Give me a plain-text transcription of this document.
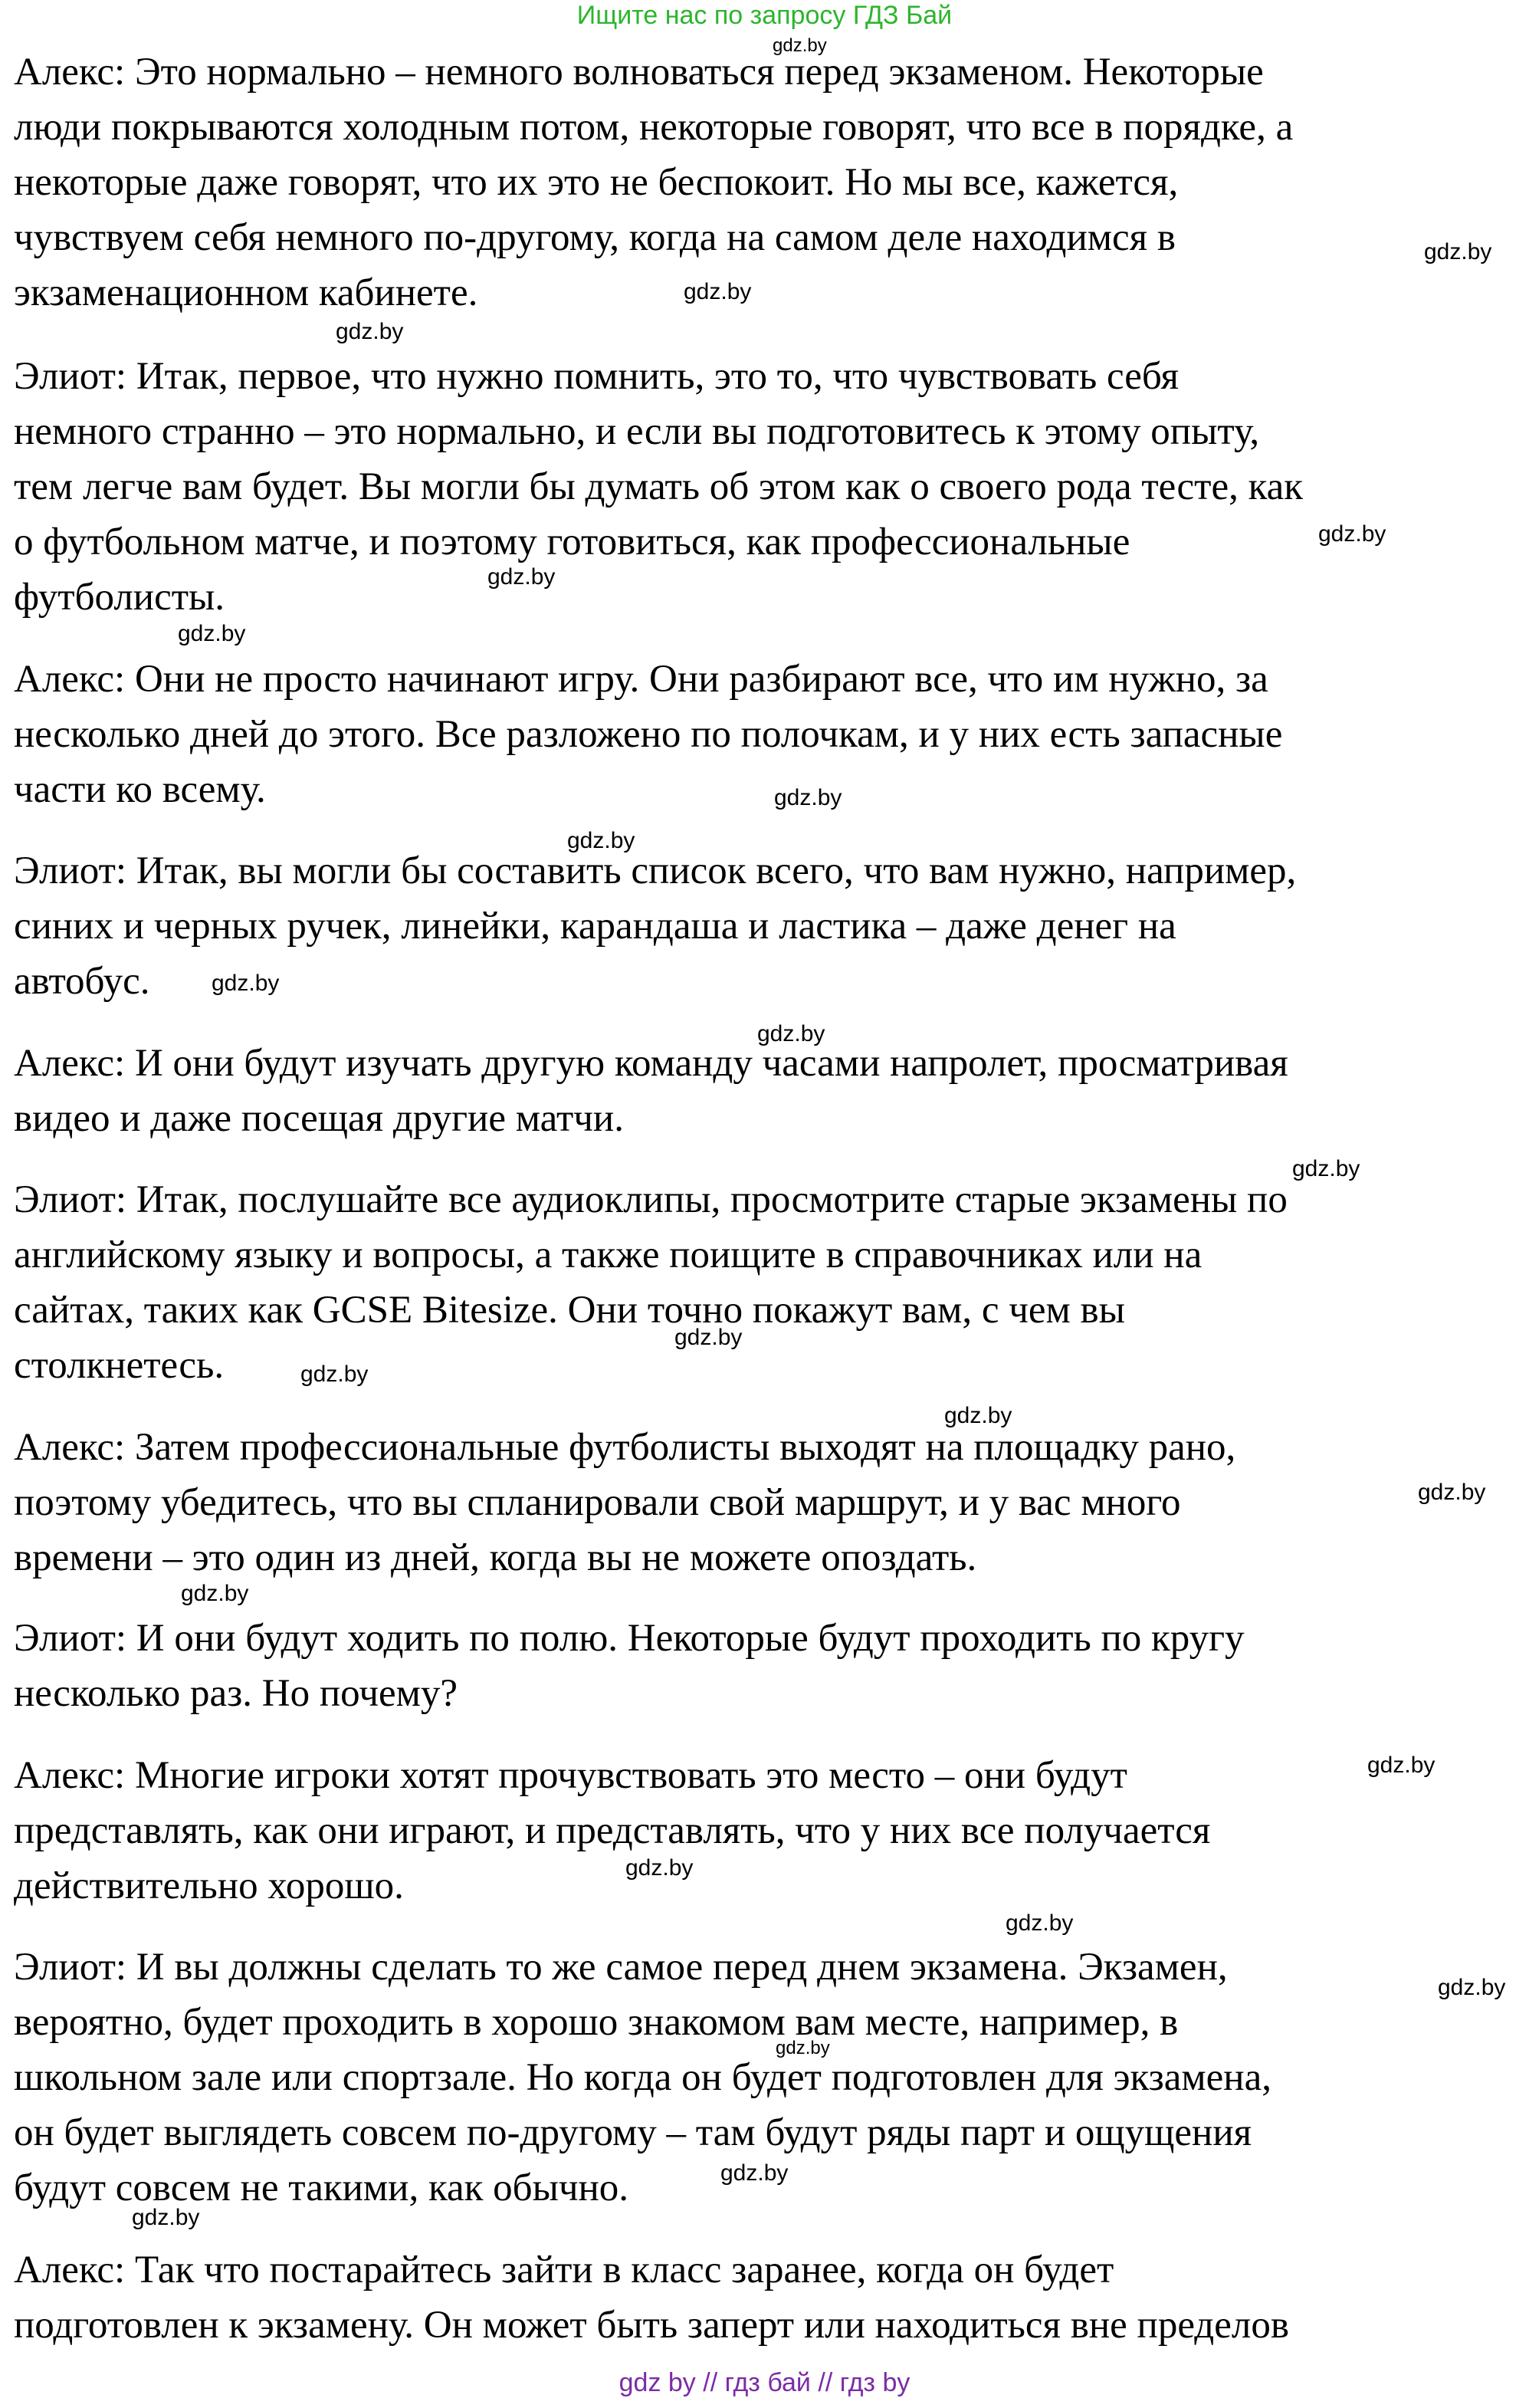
Ищите нас по запросу ГДЗ Бай
Алекс: Это нормально – немного волноваться перед экзаменом. Некоторые
люди покрываются холодным потом, некоторые говорят, что все в порядке, а
некоторые даже говорят, что их это не беспокоит. Но мы все, кажется,
чувствуем себя немного по-другому, когда на самом деле находимся в
экзаменационном кабинете.
Элиот: Итак, первое, что нужно помнить, это то, что чувствовать себя
немного странно – это нормально, и если вы подготовитесь к этому опыту,
тем легче вам будет. Вы могли бы думать об этом как о своего рода тесте, как
о футбольном матче, и поэтому готовиться, как профессиональные
футболисты.
Алекс: Они не просто начинают игру. Они разбирают все, что им нужно, за
несколько дней до этого. Все разложено по полочкам, и у них есть запасные
части ко всему.
Элиот: Итак, вы могли бы составить список всего, что вам нужно, например,
синих и черных ручек, линейки, карандаша и ластика – даже денег на
автобус.
Алекс: И они будут изучать другую команду часами напролет, просматривая
видео и даже посещая другие матчи.
Элиот: Итак, послушайте все аудиоклипы, просмотрите старые экзамены по
английскому языку и вопросы, а также поищите в справочниках или на
сайтах, таких как GCSE Bitesize. Они точно покажут вам, с чем вы
столкнетесь.
Алекс: Затем профессиональные футболисты выходят на площадку рано,
поэтому убедитесь, что вы спланировали свой маршрут, и у вас много
времени – это один из дней, когда вы не можете опоздать.
Элиот: И они будут ходить по полю. Некоторые будут проходить по кругу
несколько раз. Но почему?
Алекс: Многие игроки хотят прочувствовать это место – они будут
представлять, как они играют, и представлять, что у них все получается
действительно хорошо.
Элиот: И вы должны сделать то же самое перед днем экзамена. Экзамен,
вероятно, будет проходить в хорошо знакомом вам месте, например, в
школьном зале или спортзале. Но когда он будет подготовлен для экзамена,
он будет выглядеть совсем по-другому – там будут ряды парт и ощущения
будут совсем не такими, как обычно.
Алекс: Так что постарайтесь зайти в класс заранее, когда он будет
подготовлен к экзамену. Он может быть заперт или находиться вне пределов
gdz.by
gdz.by
gdz.by
gdz.by
gdz.by
gdz.by
gdz.by
gdz.by
gdz.by
gdz.by
gdz.by
gdz.by
gdz.by
gdz.by
gdz.by
gdz.by
gdz.by
gdz.by
gdz.by
gdz.by
gdz.by
gdz.by
gdz.by
gdz.by
gdz by // гдз бай // гдз by
